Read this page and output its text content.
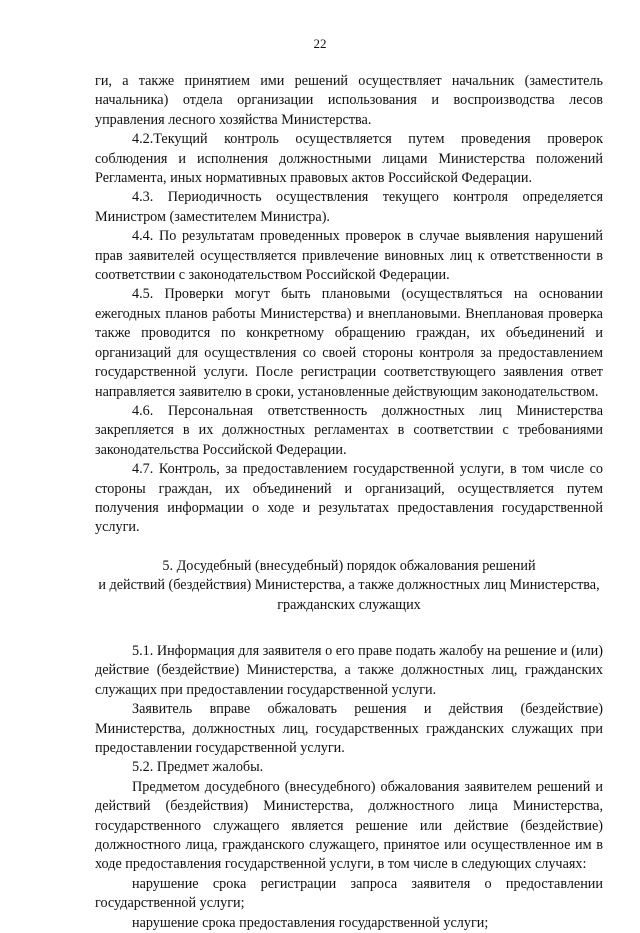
22

ги, а также принятием ими решений осуществляет начальник (заместитель начальника) отдела организации использования и воспроизводства лесов управления лесного хозяйства Министерства.

4.2.Текущий контроль осуществляется путем проведения проверок соблюдения и исполнения должностными лицами Министерства положений Регламента, иных нормативных правовых актов Российской Федерации.

4.3. Периодичность осуществления текущего контроля определяется Министром (заместителем Министра).

4.4. По результатам проведенных проверок в случае выявления нарушений прав заявителей осуществляется привлечение виновных лиц к ответственности в соответствии с законодательством Российской Федерации.

4.5. Проверки могут быть плановыми (осуществляться на основании ежегодных планов работы Министерства) и внеплановыми. Внеплановая проверка также проводится по конкретному обращению граждан, их объединений и организаций для осуществления со своей стороны контроля за предоставлением государственной услуги. После регистрации соответствующего заявления ответ направляется заявителю в сроки, установленные действующим законодательством.

4.6. Персональная ответственность должностных лиц Министерства закрепляется в их должностных регламентах в соответствии с требованиями законодательства Российской Федерации.

4.7. Контроль, за предоставлением государственной услуги, в том числе со стороны граждан, их объединений и организаций, осуществляется путем получения информации о ходе и результатах предоставления государственной услуги.

5. Досудебный (внесудебный) порядок обжалования решений
и действий (бездействия) Министерства, а также должностных лиц Министерства,
гражданских служащих

5.1. Информация для заявителя о его праве подать жалобу на решение и (или) действие (бездействие) Министерства, а также должностных лиц, гражданских служащих при предоставлении государственной услуги.

Заявитель вправе обжаловать решения и действия (бездействие) Министерства, должностных лиц, государственных гражданских служащих при предоставлении государственной услуги.

5.2. Предмет жалобы.

Предметом досудебного (внесудебного) обжалования заявителем решений и действий (бездействия) Министерства, должностного лица Министерства, государственного служащего является решение или действие (бездействие) должностного лица, гражданского служащего, принятое или осуществленное им в ходе предоставления государственной услуги, в том числе в следующих случаях:

нарушение срока регистрации запроса заявителя о предоставлении государственной услуги;

нарушение срока предоставления государственной услуги;
